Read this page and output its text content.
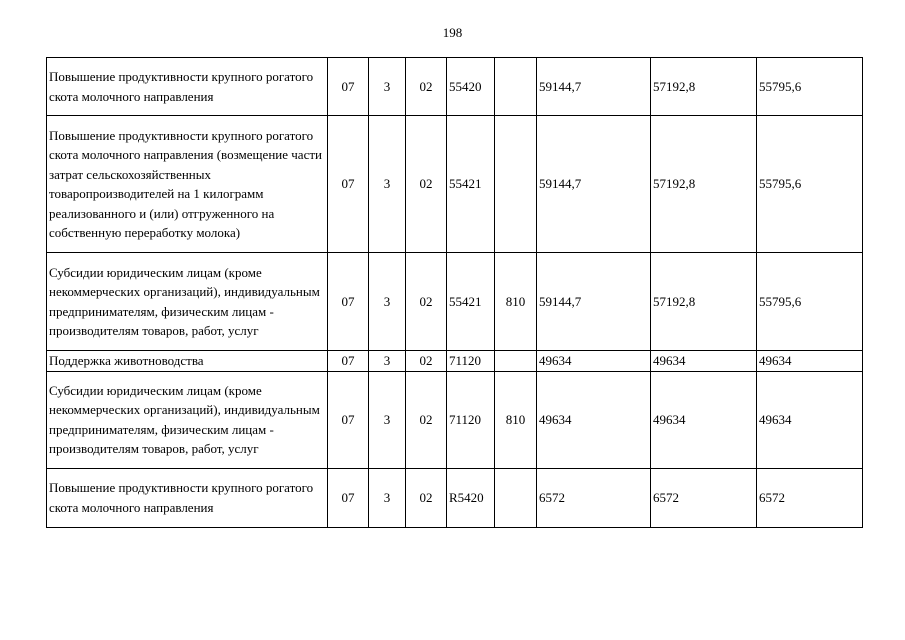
198
Повышение продуктивности крупного рогатого скота молочного направления	07	3	02	55420		59144,7	57192,8	55795,6
Повышение продуктивности крупного рогатого скота молочного направления (возмещение части затрат сельскохозяйственных товаропроизводителей на 1 килограмм реализованного и (или) отгруженного на собственную переработку молока)	07	3	02	55421		59144,7	57192,8	55795,6
Субсидии юридическим лицам (кроме некоммерческих организаций), индивидуальным предпринимателям, физическим лицам - производителям товаров, работ, услуг	07	3	02	55421	810	59144,7	57192,8	55795,6
Поддержка животноводства	07	3	02	71120		49634	49634	49634
Субсидии юридическим лицам (кроме некоммерческих организаций), индивидуальным предпринимателям, физическим лицам - производителям товаров, работ, услуг	07	3	02	71120	810	49634	49634	49634
Повышение продуктивности крупного рогатого скота молочного направления	07	3	02	R5420		6572	6572	6572
